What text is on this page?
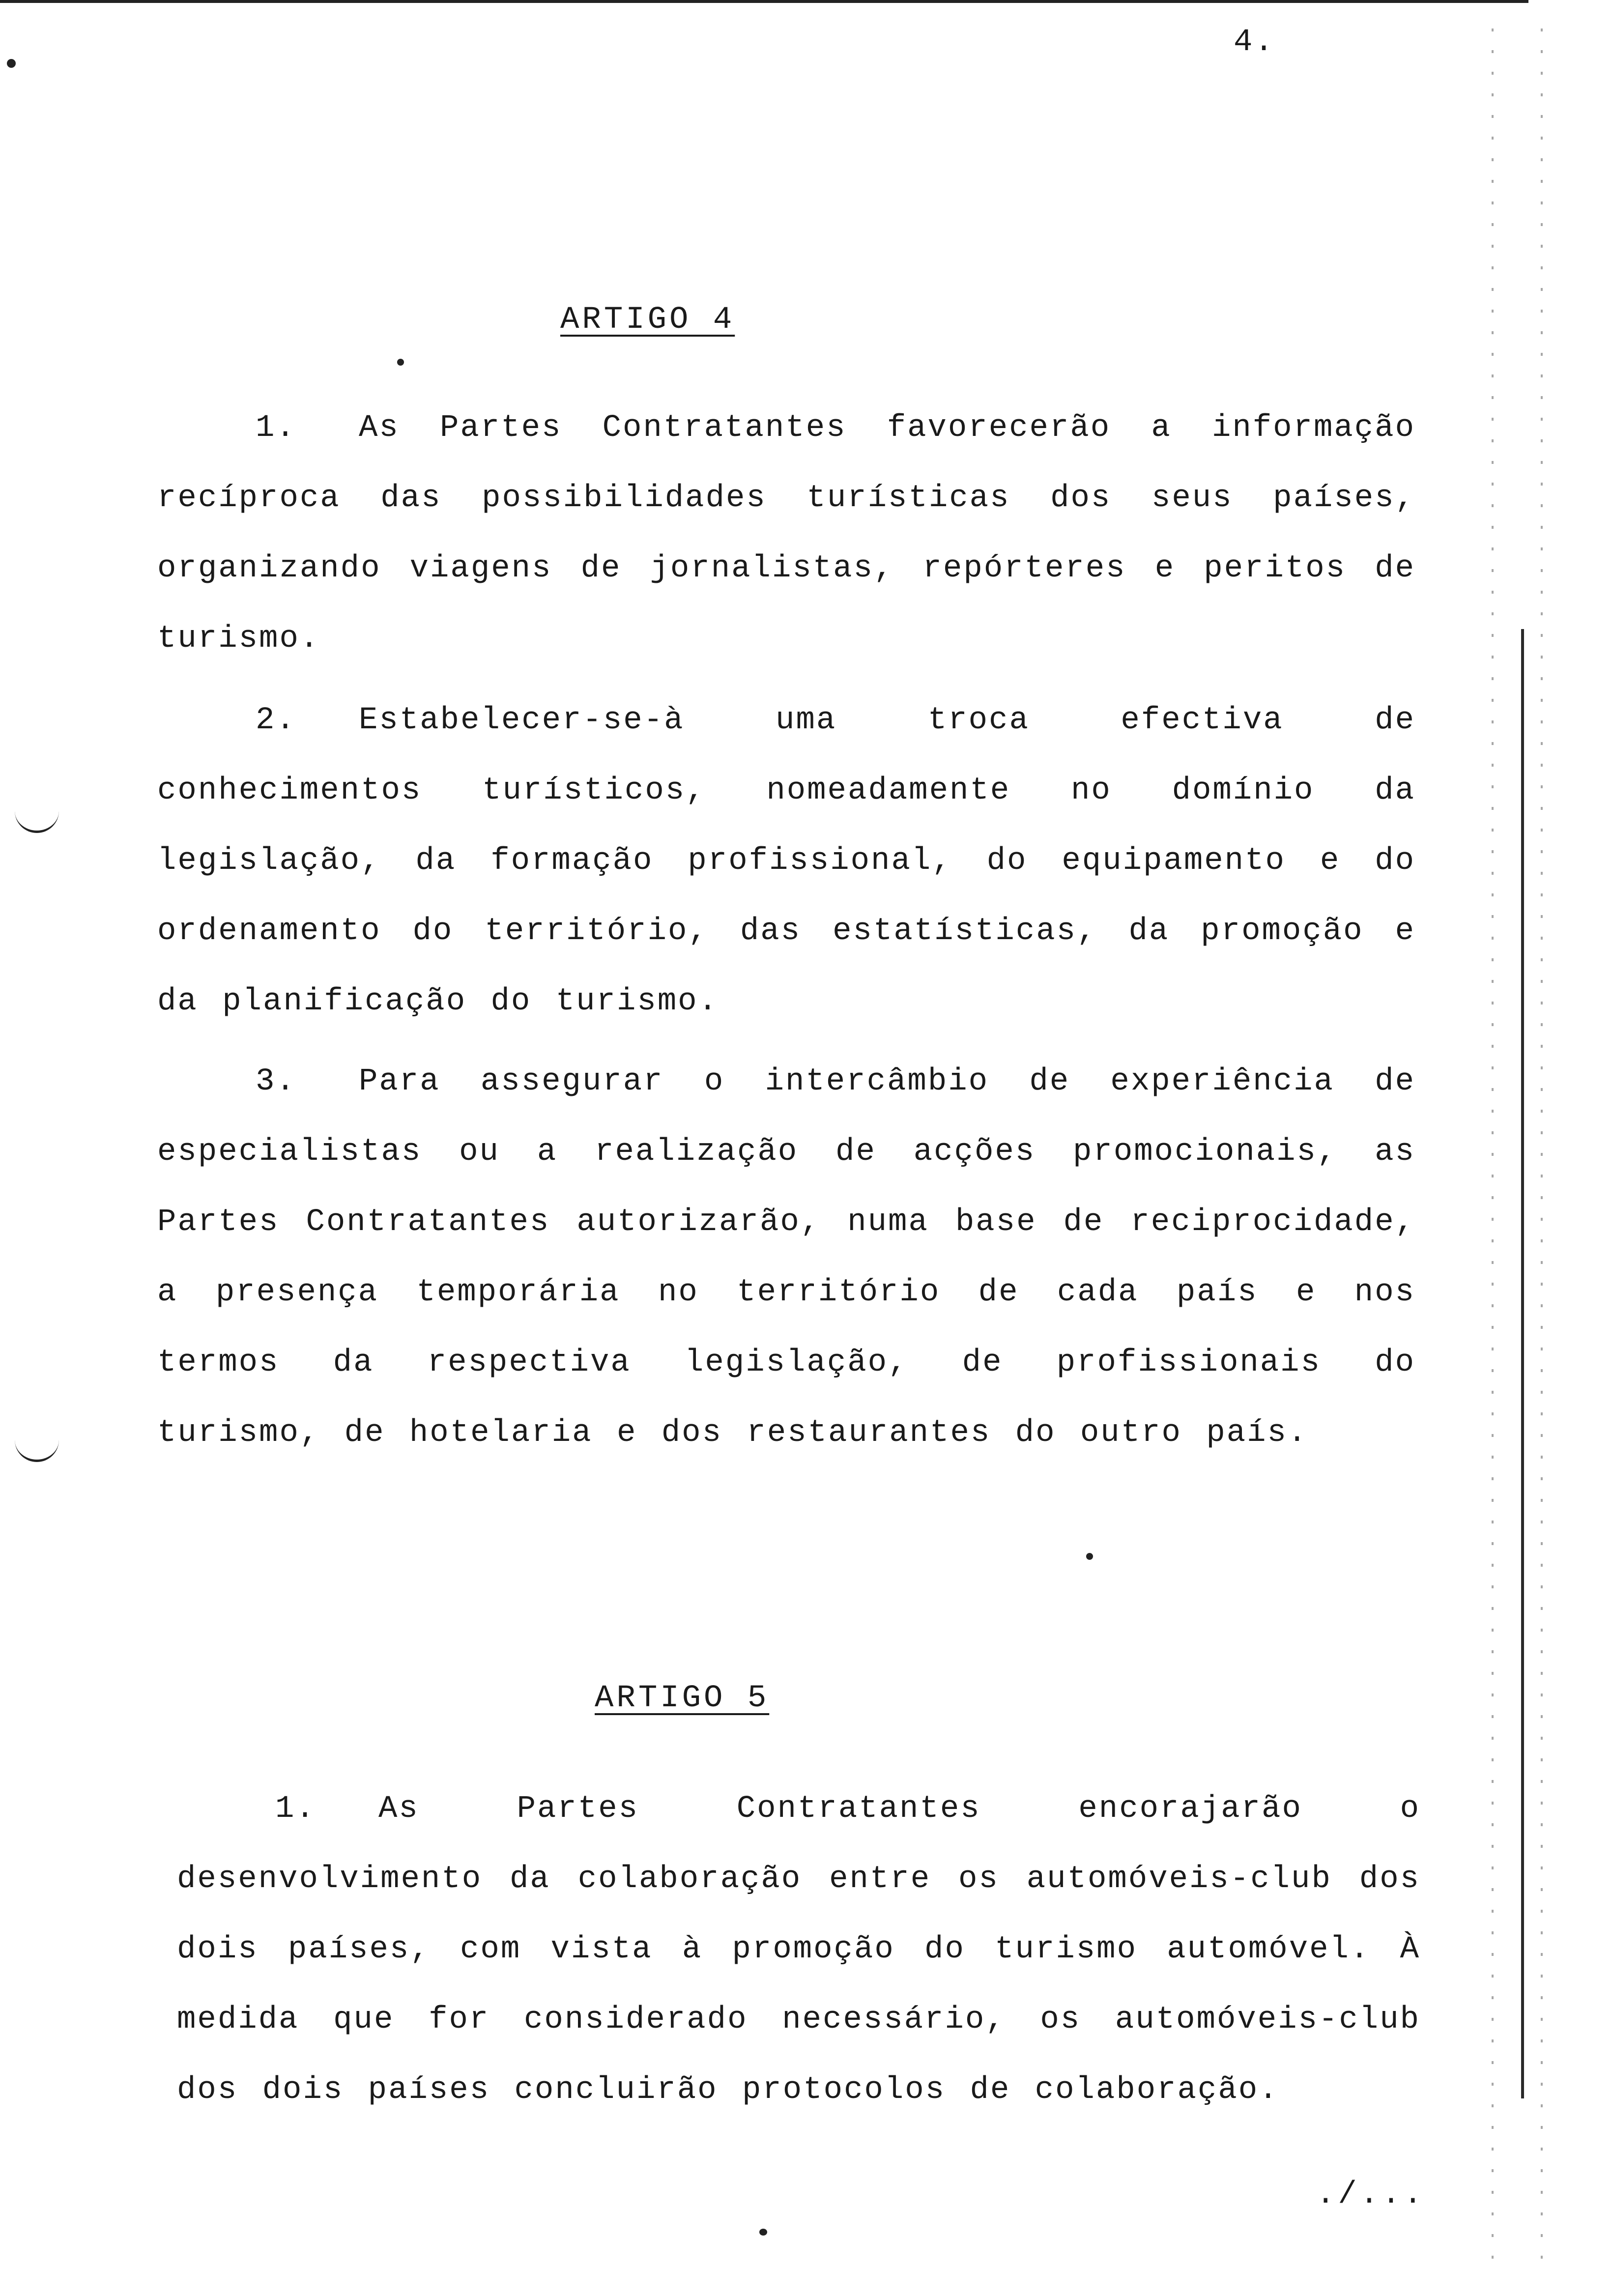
4.
ARTIGO 4
1. As Partes Contratantes favorecerão a informação recíproca das possibilidades turísticas dos seus países, organizando viagens de jornalistas, repórteres e peritos de turismo.
2. Estabelecer-se-à uma troca efectiva de conhecimentos turísticos, nomeadamente no domínio da legislação, da formação profissional, do equipamento e do ordenamento do território, das estatísticas, da promoção e da planificação do turismo.
3. Para assegurar o intercâmbio de experiência de especialistas ou a realização de acções promocionais, as Partes Contratantes autorizarão, numa base de reciprocidade, a presença temporária no território de cada país e nos termos da respectiva legislação, de profissionais do turismo, de hotelaria e dos restaurantes do outro país.
ARTIGO 5
1. As Partes Contratantes encorajarão o desenvolvimento da colaboração entre os automóveis-club dos dois países, com vista à promoção do turismo automóvel. À medida que for considerado necessário, os automóveis-club dos dois países concluirão protocolos de colaboração.
./...
